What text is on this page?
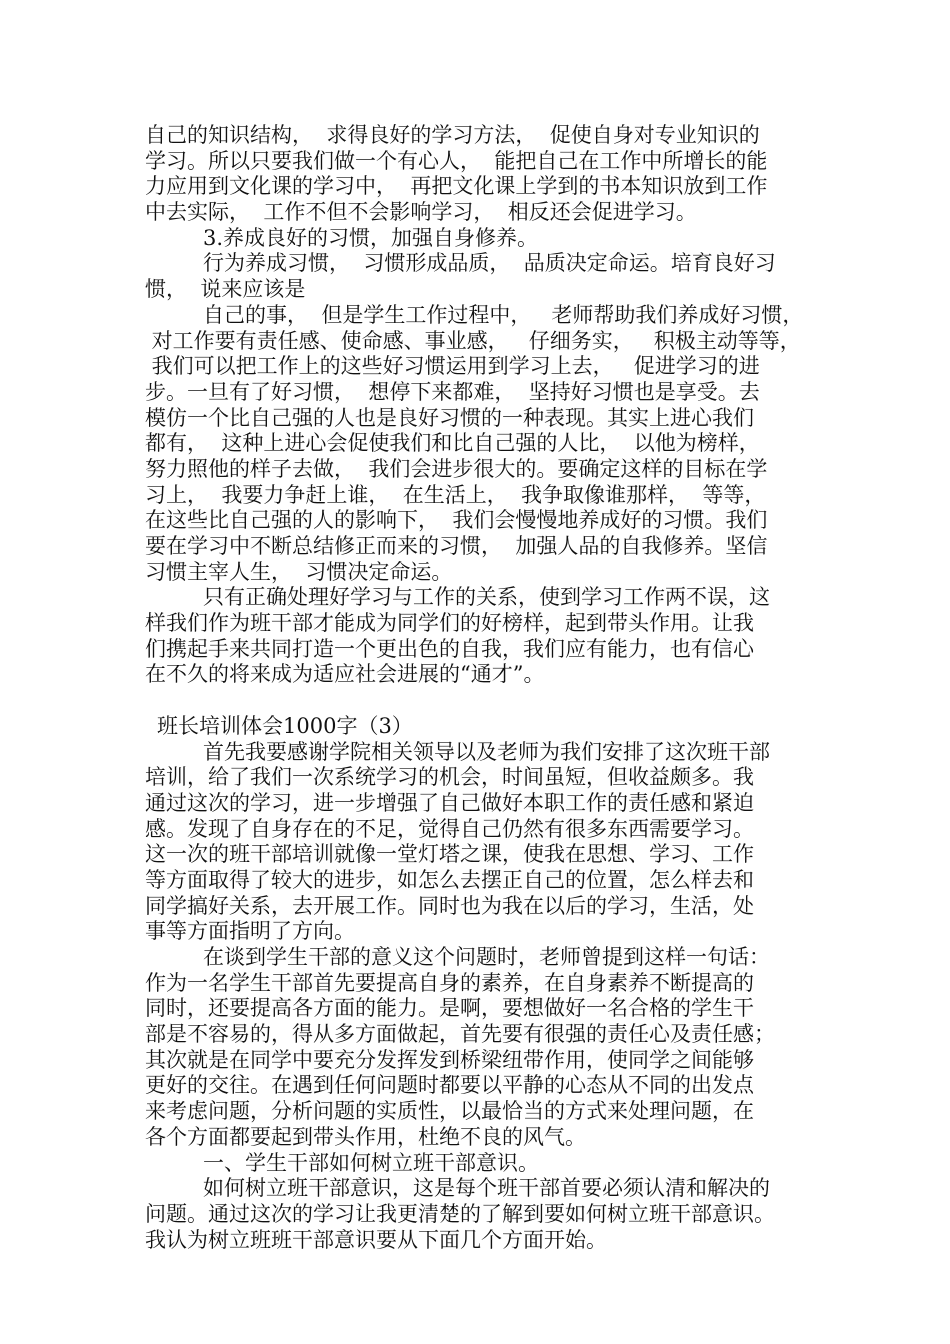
自己的知识结构，  求得良好的学习方法，  促使自身对专业知识的
学习。所以只要我们做一个有心人，  能把自己在工作中所增长的能
力应用到文化课的学习中，  再把文化课上学到的书本知识放到工作
中去实际，  工作不但不会影响学习，  相反还会促进学习。
3.养成良好的习惯，加强自身修养。
行为养成习惯，  习惯形成品质，  品质决定命运。培育良好习
惯，  说来应该是
自己的事，  但是学生工作过程中，   老师帮助我们养成好习惯，
对工作要有责任感、使命感、事业感，   仔细务实，   积极主动等等，
我们可以把工作上的这些好习惯运用到学习上去，   促进学习的进
步。一旦有了好习惯，  想停下来都难，  坚持好习惯也是享受。去
模仿一个比自己强的人也是良好习惯的一种表现。其实上进心我们
都有，  这种上进心会促使我们和比自己强的人比，  以他为榜样，
努力照他的样子去做，  我们会进步很大的。要确定这样的目标在学
习上，  我要力争赶上谁，  在生活上，  我争取像谁那样，  等等，
在这些比自己强的人的影响下，  我们会慢慢地养成好的习惯。我们
要在学习中不断总结修正而来的习惯，  加强人品的自我修养。坚信
习惯主宰人生，  习惯决定命运。
只有正确处理好学习与工作的关系，使到学习工作两不误，这
样我们作为班干部才能成为同学们的好榜样，起到带头作用。让我
们携起手来共同打造一个更出色的自我，我们应有能力，也有信心
在不久的将来成为适应社会进展的“通才”。
班长培训体会1000字（3）
首先我要感谢学院相关领导以及老师为我们安排了这次班干部
培训，给了我们一次系统学习的机会，时间虽短，但收益颇多。我
通过这次的学习，进一步增强了自己做好本职工作的责任感和紧迫
感。发现了自身存在的不足，觉得自己仍然有很多东西需要学习。
这一次的班干部培训就像一堂灯塔之课，使我在思想、学习、工作
等方面取得了较大的进步，如怎么去摆正自己的位置，怎么样去和
同学搞好关系，去开展工作。同时也为我在以后的学习，生活，处
事等方面指明了方向。
在谈到学生干部的意义这个问题时，老师曾提到这样一句话：
作为一名学生干部首先要提高自身的素养，在自身素养不断提高的
同时，还要提高各方面的能力。是啊，要想做好一名合格的学生干
部是不容易的，得从多方面做起，首先要有很强的责任心及责任感；
其次就是在同学中要充分发挥发到桥梁纽带作用，使同学之间能够
更好的交往。在遇到任何问题时都要以平静的心态从不同的出发点
来考虑问题，分析问题的实质性，以最恰当的方式来处理问题，在
各个方面都要起到带头作用，杜绝不良的风气。
一、学生干部如何树立班干部意识。
如何树立班干部意识，这是每个班干部首要必须认清和解决的
问题。通过这次的学习让我更清楚的了解到要如何树立班干部意识。
我认为树立班班干部意识要从下面几个方面开始。
